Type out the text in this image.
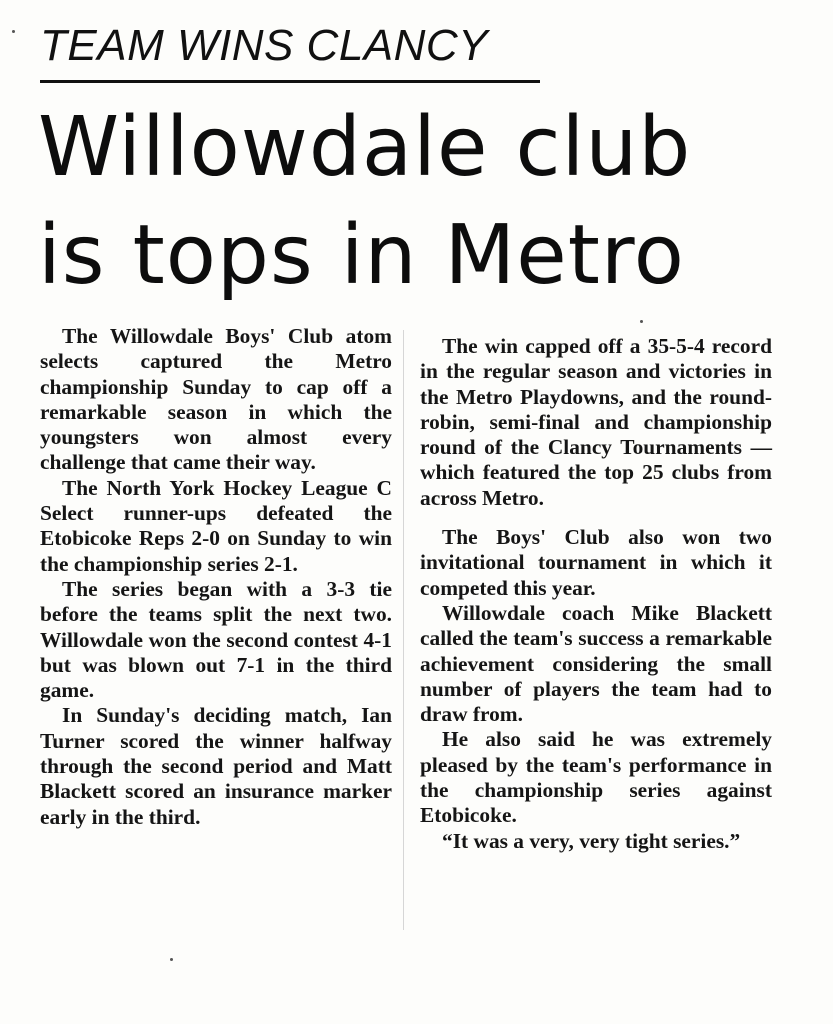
TEAM WINS CLANCY
Willowdale club
is tops in Metro

The Willowdale Boys' Club atom selects captured the Metro championship Sunday to cap off a remarkable season in which the youngsters won almost every challenge that came their way.

The North York Hockey League C Select runner-ups defeated the Etobicoke Reps 2-0 on Sunday to win the championship series 2-1.

The series began with a 3-3 tie before the teams split the next two. Willowdale won the second contest 4-1 but was blown out 7-1 in the third game.

In Sunday's deciding match, Ian Turner scored the winner halfway through the second period and Matt Blackett scored an insurance marker early in the third.

The win capped off a 35-5-4 record in the regular season and victories in the Metro Playdowns, and the round-robin, semi-final and championship round of the Clancy Tournaments — which featured the top 25 clubs from across Metro.

The Boys' Club also won two invitational tournament in which it competed this year.

Willowdale coach Mike Blackett called the team's success a remarkable achievement considering the small number of players the team had to draw from.

He also said he was extremely pleased by the team's performance in the championship series against Etobicoke.

“It was a very, very tight series.”
